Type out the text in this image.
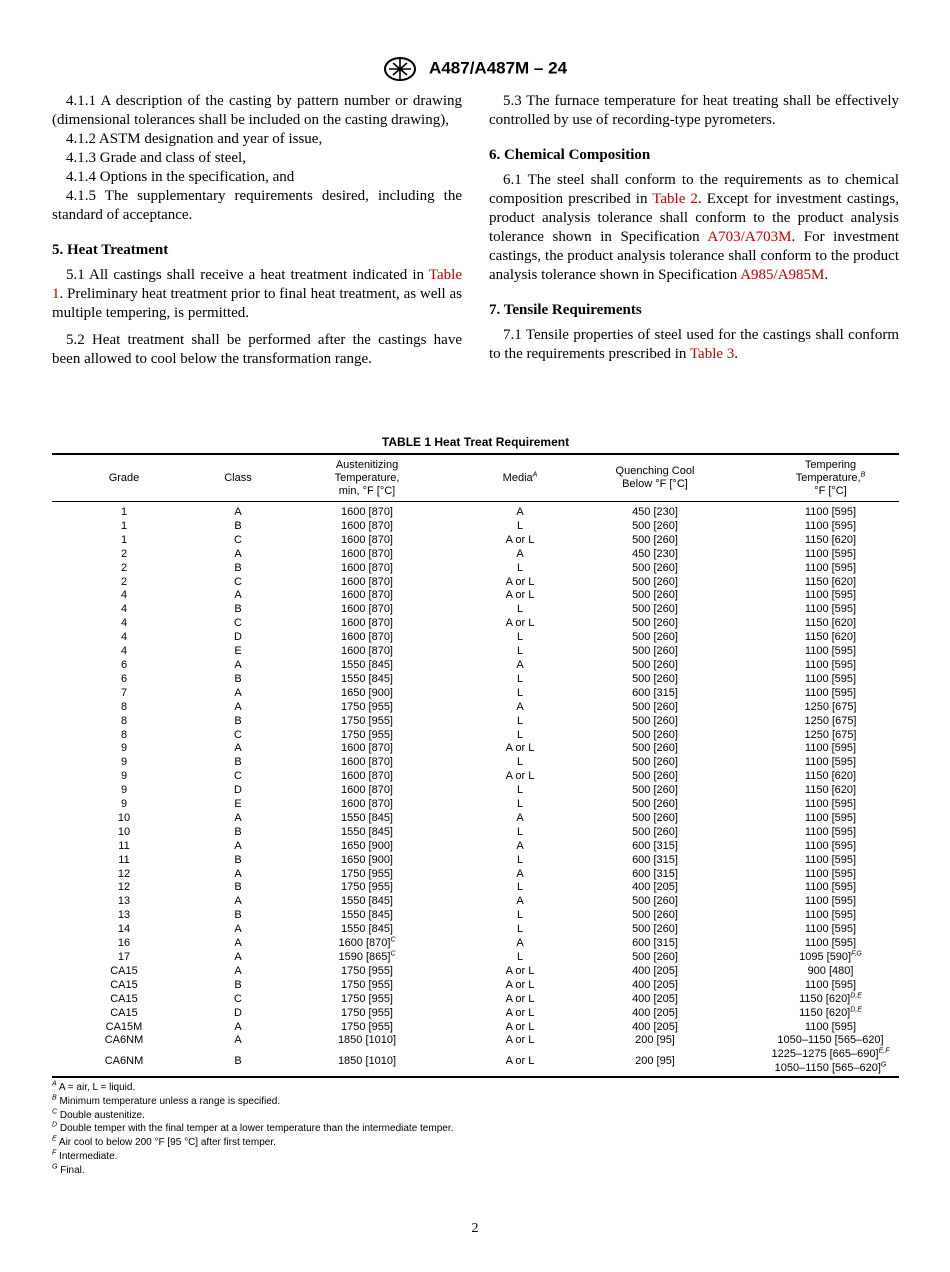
A487/A487M – 24

4.1.1 A description of the casting by pattern number or drawing (dimensional tolerances shall be included on the casting drawing),

4.1.2 ASTM designation and year of issue,

4.1.3 Grade and class of steel,

4.1.4 Options in the specification, and

4.1.5 The supplementary requirements desired, including the standard of acceptance.

5. Heat Treatment

5.1 All castings shall receive a heat treatment indicated in Table 1. Preliminary heat treatment prior to final heat treatment, as well as multiple tempering, is permitted.

5.2 Heat treatment shall be performed after the castings have been allowed to cool below the transformation range.

5.3 The furnace temperature for heat treating shall be effectively controlled by use of recording-type pyrometers.

6. Chemical Composition

6.1 The steel shall conform to the requirements as to chemical composition prescribed in Table 2. Except for investment castings, product analysis tolerance shall conform to the product analysis tolerance shown in Specification A703/A703M. For investment castings, the product analysis tolerance shall conform to the product analysis tolerance shown in Specification A985/A985M.

7. Tensile Requirements

7.1 Tensile properties of steel used for the castings shall conform to the requirements prescribed in Table 3.

TABLE 1 Heat Treat Requirement
Grade	Class	Austenitizing
Temperature,
min, °F [°C]	Media$^A$	Quenching Cool
Below °F [°C]	Tempering
Temperature,$^B$
°F [°C]
1	A	1600 [870]	A	450 [230]	1100 [595]
1	B	1600 [870]	L	500 [260]	1100 [595]
1	C	1600 [870]	A or L	500 [260]	1150 [620]
2	A	1600 [870]	A	450 [230]	1100 [595]
2	B	1600 [870]	L	500 [260]	1100 [595]
2	C	1600 [870]	A or L	500 [260]	1150 [620]
4	A	1600 [870]	A or L	500 [260]	1100 [595]
4	B	1600 [870]	L	500 [260]	1100 [595]
4	C	1600 [870]	A or L	500 [260]	1150 [620]
4	D	1600 [870]	L	500 [260]	1150 [620]
4	E	1600 [870]	L	500 [260]	1100 [595]
6	A	1550 [845]	A	500 [260]	1100 [595]
6	B	1550 [845]	L	500 [260]	1100 [595]
7	A	1650 [900]	L	600 [315]	1100 [595]
8	A	1750 [955]	A	500 [260]	1250 [675]
8	B	1750 [955]	L	500 [260]	1250 [675]
8	C	1750 [955]	L	500 [260]	1250 [675]
9	A	1600 [870]	A or L	500 [260]	1100 [595]
9	B	1600 [870]	L	500 [260]	1100 [595]
9	C	1600 [870]	A or L	500 [260]	1150 [620]
9	D	1600 [870]	L	500 [260]	1150 [620]
9	E	1600 [870]	L	500 [260]	1100 [595]
10	A	1550 [845]	A	500 [260]	1100 [595]
10	B	1550 [845]	L	500 [260]	1100 [595]
11	A	1650 [900]	A	600 [315]	1100 [595]
11	B	1650 [900]	L	600 [315]	1100 [595]
12	A	1750 [955]	A	600 [315]	1100 [595]
12	B	1750 [955]	L	400 [205]	1100 [595]
13	A	1550 [845]	A	500 [260]	1100 [595]
13	B	1550 [845]	L	500 [260]	1100 [595]
14	A	1550 [845]	L	500 [260]	1100 [595]
16	A	1600 $[870]^C$	A	600 [315]	1100 [595]
17	A	1590 $[865]^C$	L	500 [260]	1095 $[590]^{F,G}$
CA15	A	1750 [955]	A or L	400 [205]	900 [480]
CA15	B	1750 [955]	A or L	400 [205]	1100 [595]
CA15	C	1750 [955]	A or L	400 [205]	1150 $[620]^{D,E}$
CA15	D	1750 [955]	A or L	400 [205]	1150 $[620]^{D,E}$
CA15M	A	1750 [955]	A or L	400 [205]	1100 [595]
CA6NM	A	1850 [1010]	A or L	200 [95]	1050–1150 [565–620]
CA6NM	B	1850 [1010]	A or L	200 [95]	1225–1275 $[665-690]^{E,F}$
1050–1150 $[565-620]^G$
$^A$ A = air, L = liquid.
$^B$ Minimum temperature unless a range is specified.
$^C$ Double austenitize.
$^D$ Double temper with the final temper at a lower temperature than the intermediate temper.
$^E$ Air cool to below 200 °F [95 °C] after first temper.
$^F$ Intermediate.
$^G$ Final.
2
